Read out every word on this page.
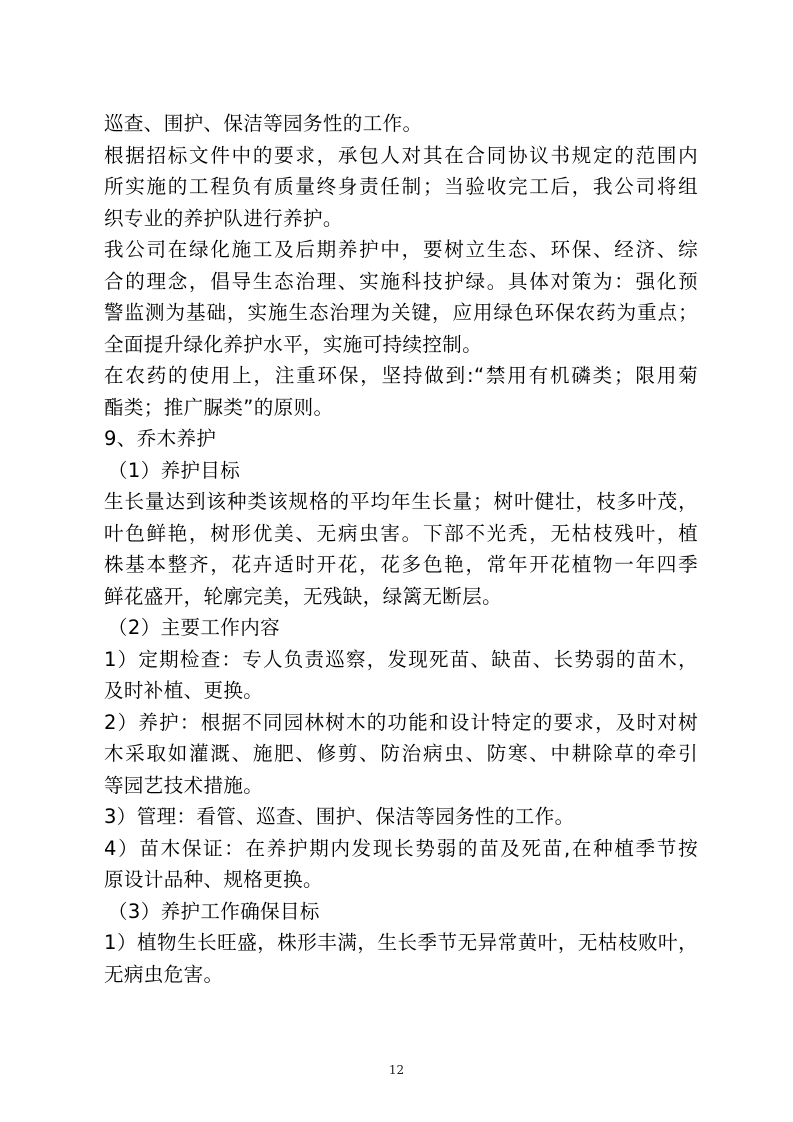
巡查、围护、保洁等园务性的工作。
根据招标文件中的要求，承包人对其在合同协议书规定的范围内
所实施的工程负有质量终身责任制；当验收完工后，我公司将组
织专业的养护队进行养护。
我公司在绿化施工及后期养护中，要树立生态、环保、经济、综
合的理念，倡导生态治理、实施科技护绿。具体对策为：强化预
警监测为基础，实施生态治理为关键，应用绿色环保农药为重点；
全面提升绿化养护水平，实施可持续控制。
在农药的使用上，注重环保，坚持做到:“禁用有机磷类；限用菊
酯类；推广脲类”的原则。
9、乔木养护
（1）养护目标
生长量达到该种类该规格的平均年生长量；树叶健壮，枝多叶茂，
叶色鲜艳，树形优美、无病虫害。下部不光秃，无枯枝残叶，植
株基本整齐，花卉适时开花，花多色艳，常年开花植物一年四季
鲜花盛开，轮廓完美，无残缺，绿篱无断层。
（2）主要工作内容
1）定期检查：专人负责巡察，发现死苗、缺苗、长势弱的苗木，
及时补植、更换。
2）养护：根据不同园林树木的功能和设计特定的要求，及时对树
木采取如灌溉、施肥、修剪、防治病虫、防寒、中耕除草的牵引
等园艺技术措施。
3）管理：看管、巡查、围护、保洁等园务性的工作。
4）苗木保证：在养护期内发现长势弱的苗及死苗,在种植季节按
原设计品种、规格更换。
（3）养护工作确保目标
1）植物生长旺盛，株形丰满，生长季节无异常黄叶，无枯枝败叶，
无病虫危害。
12
